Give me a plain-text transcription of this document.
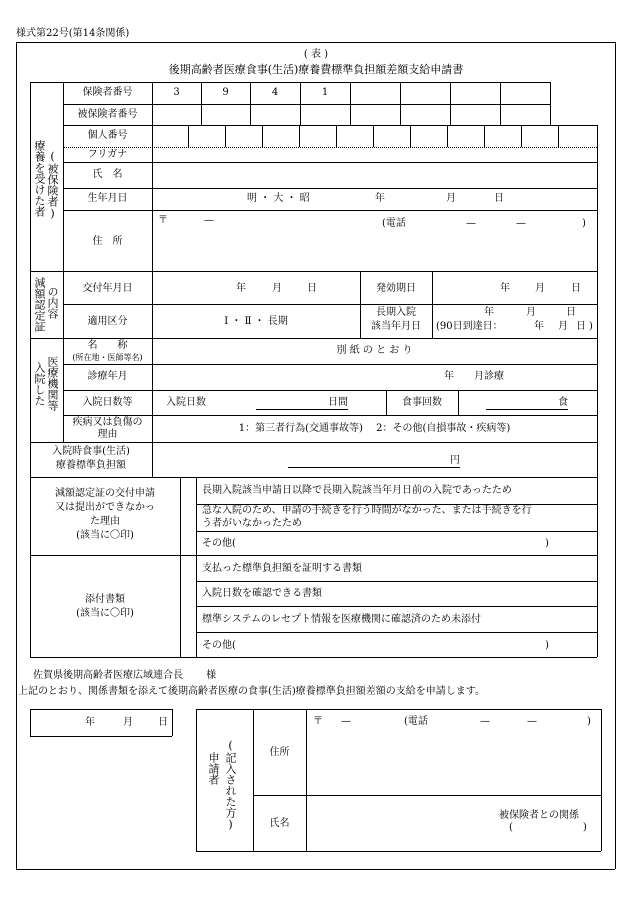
様式第22号(第14条関係)
( 表 )
後期高齢者医療食事(生活)療養費標準負担額差額支給申請書
療養を受けた者 (被保険者)
保険者番号	3	9	4	1
被保険者番号
個人番号
フリガナ
氏　名
生年月日	明 ・ 大 ・ 昭	年	月	日
住　所
〒	—	(電話	—	—	)
減額認定証 の内容	交付年月日	年	月	日	発効期日	年	月	日
適用区分	Ⅰ ・ Ⅱ ・ 長期
長期入院
該当年月日
年	月	日
(90日到達日：	年 月 日 )
入院した 医療機関等
名　　称
(所在地・医師等名)
別 紙 の と お り
診療年月	年　　月診療
入院日数等	入院日数	日間	食事回数	食
疾病又は負傷の
理由
1：第三者行為(交通事故等)　 2：その他(自損事故・疾病等)
入院時食事(生活)
療養標準負担額	円
減額認定証の交付申請
又は提出ができなかっ
た理由
(該当に〇印)
長期入院該当申請日以降で長期入院該当年月日前の入院であったため
急な入院のため、申請の手続きを行う時間がなかった、または手続きを行
う者がいなかったため
その他(	)
添付書類
(該当に〇印)
支払った標準負担額を証明する書類
入院日数を確認できる書類
標準システムのレセプト情報を医療機関に確認済のため未添付
その他(	)
佐賀県後期高齢者医療広域連合長　　 様
上記のとおり、関係書類を添えて後期高齢者医療の食事(生活)療養標準負担額差額の支給を申請します。
年	月	日
申請者 (記入された方)	住所
〒 —	(電話	—	—	)
氏名
被保険者との関係
(　　　　　　　)
